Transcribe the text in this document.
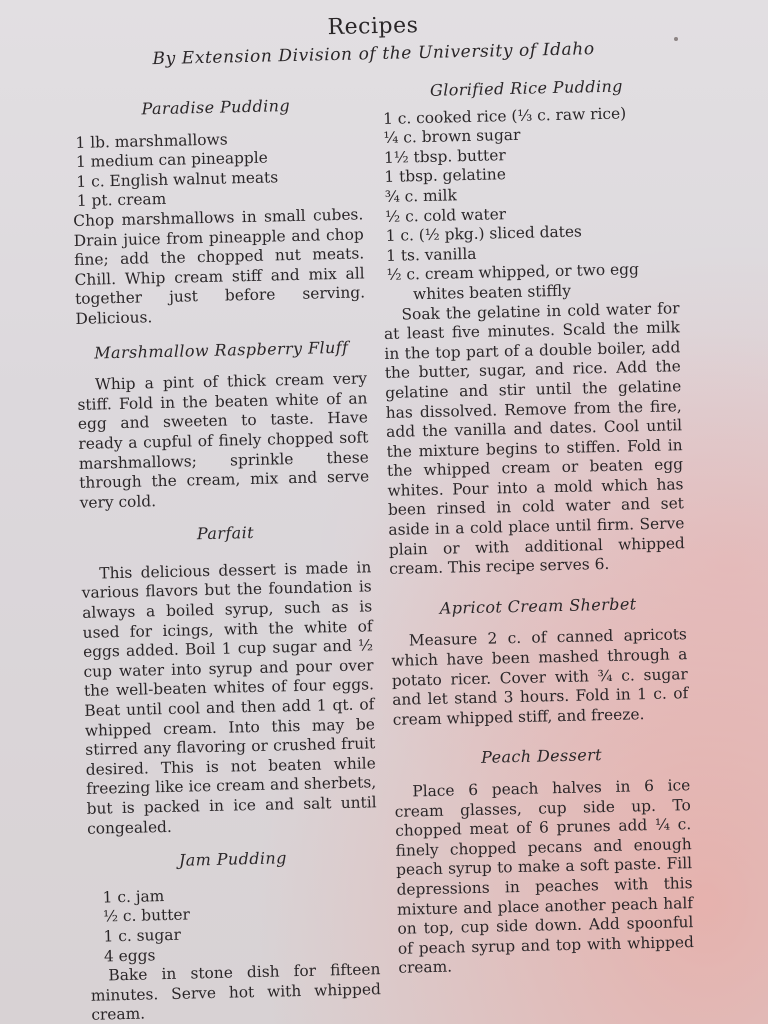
Recipes
By Extension Division of the University of Idaho
Paradise Pudding
1 lb. marshmallows
1 medium can pineapple
1 c. English walnut meats
1 pt. cream

Chop marshmallows in small cubes. Drain juice from pineapple and chop fine; add the chopped nut meats. Chill. Whip cream stiff and mix all together just before serving. Delicious.

Marshmallow Raspberry Fluff

Whip a pint of thick cream very stiff. Fold in the beaten white of an egg and sweeten to taste. Have ready a cupful of finely chopped soft marshmallows; sprinkle these through the cream, mix and serve very cold.

Parfait

This delicious dessert is made in various flavors but the foundation is always a boiled syrup, such as is used for icings, with the white of eggs added. Boil 1 cup sugar and ½ cup water into syrup and pour over the well-beaten whites of four eggs. Beat until cool and then add 1 qt. of whipped cream. Into this may be stirred any flavoring or crushed fruit desired. This is not beaten while freezing like ice cream and sherbets, but is packed in ice and salt until congealed.

Jam Pudding
1 c. jam
½ c. butter
1 c. sugar
4 eggs

Bake in stone dish for fifteen minutes. Serve hot with whipped cream.

Glorified Rice Pudding
1 c. cooked rice (⅓ c. raw rice)
¼ c. brown sugar
1½ tbsp. butter
1 tbsp. gelatine
¾ c. milk
½ c. cold water
1 c. (½ pkg.) sliced dates
1 ts. vanilla
½ c. cream whipped, or two egg
whites beaten stiffly

Soak the gelatine in cold water for at least five minutes. Scald the milk in the top part of a double boiler, add the butter, sugar, and rice. Add the gelatine and stir until the gelatine has dissolved. Remove from the fire, add the vanilla and dates. Cool until the mixture begins to stiffen. Fold in the whipped cream or beaten egg whites. Pour into a mold which has been rinsed in cold water and set aside in a cold place until firm. Serve plain or with additional whipped cream. This recipe serves 6.

Apricot Cream Sherbet

Measure 2 c. of canned apricots which have been mashed through a potato ricer. Cover with ¾ c. sugar and let stand 3 hours. Fold in 1 c. of cream whipped stiff, and freeze.

Peach Dessert

Place 6 peach halves in 6 ice cream glasses, cup side up. To chopped meat of 6 prunes add ¼ c. finely chopped pecans and enough peach syrup to make a soft paste. Fill depressions in peaches with this mixture and place another peach half on top, cup side down. Add spoonful of peach syrup and top with whipped cream.
